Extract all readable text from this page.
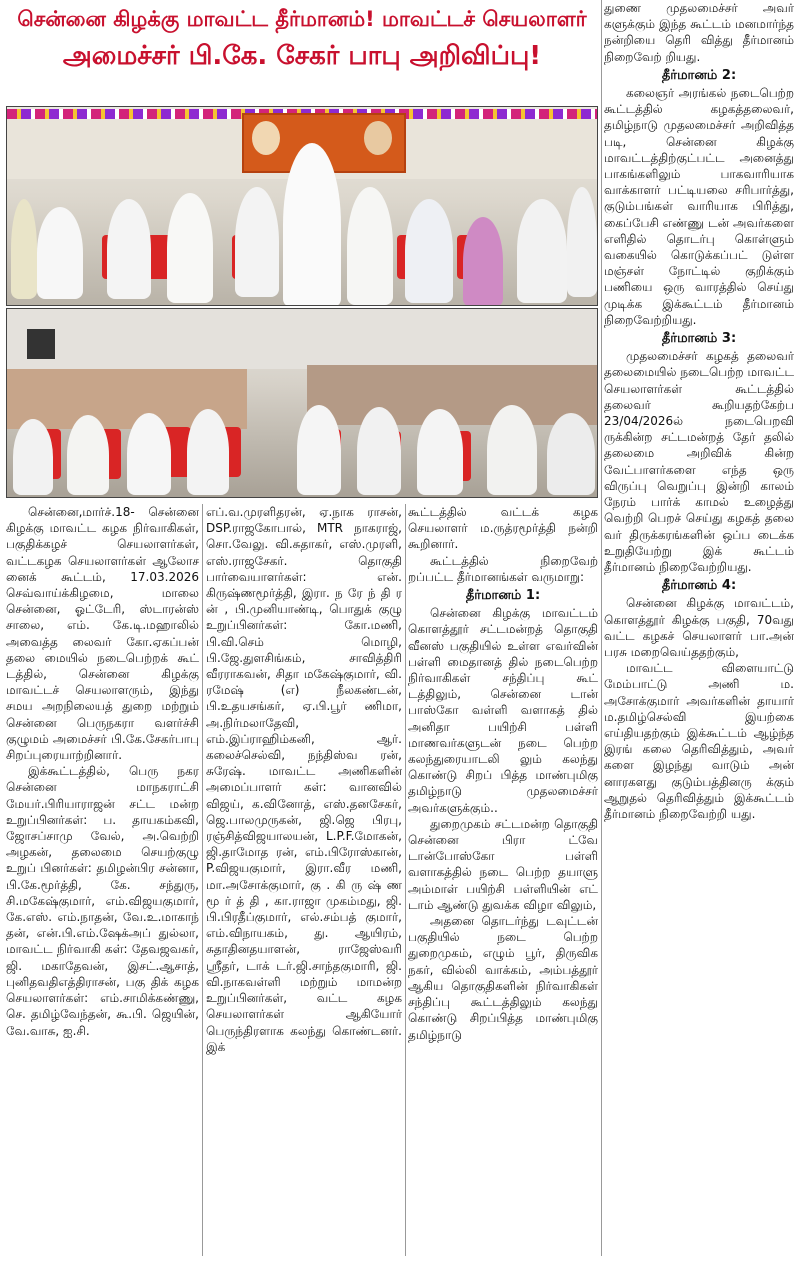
சென்னை கிழக்கு மாவட்ட தீர்மானம்! மாவட்டச் செயலாளர்
அமைச்சர் பி.கே. சேகர் பாபு அறிவிப்பு!

சென்னை,மார்ச்.18- சென்னை கிழக்கு மாவட்ட கழக நிர்வாகிகள், பகுதிக்கழச் செயலாளர்கள், வட்டகழக செயலாளர்கள் ஆலோச னைக் கூட்டம், 17.03.2026 செவ்வாய்க்கிழமை, மாலை சென்னை, ஓட்டேரி, ஸ்டாரன்ஸ் சாலை, எம். கே.டி.மஹாலில் அவைத்த லைவர் கோ.ஏகப்பன் தலை மையில் நடைபெற்றக் கூட் டத்தில், சென்னை கிழக்கு மாவட்டச் செயலாளரும், இந்து சமய அறநிலையத் துறை மற்றும் சென்னை பெருநகரா வளர்ச்சி குழுமம் அமைச்சர் பி.கே.சேகர்பாபு சிறப்புரையாற்றினார்.

இக்கூட்டத்தில், பெரு நகர சென்னை மாநகராட்சி மேயர்.பிரியாராஜன் சட்ட மன்ற உறுப்பினர்கள்: ப. தாயகம்கவி, ஜோசப்சாமு வேல், அ.வெற்றி அழகன், தலைமை செயற்குழு உறுப் பினர்கள்: தமிழன்பிர சன்னா, பி.கே.மூர்த்தி, கே. சந்துரு, சி.மகேஷ்குமார், எம்.விஜயகுமார், கே.எஸ். எம்.நாதன், வே.உ.மாகாந் தன், என்.பி.எம்.ஷேக்அப் துல்லா, மாவட்ட நிர்வாகி கள்: தேவஜவகர், ஜி. மகாதேவன், இசட்.ஆசாத், புனிதவதிஎத்திராசன், பகு திக் கழக செயலாளர்கள்: எம்.சாமிக்கண்ணு, செ. தமிழ்வேந்தன், கூ.பி. ஜெயின், வே.வாசு, ஐ.சி.

எப்.வ.முரளிதரன், ஏ.நாக ராசன், DSP.ராஜகோபால், MTR நாகராஜ், சொ.வேலு. வி.சுதாகர், எஸ்.முரளி, எஸ்.ராஜசேகர். தொகுதி பார்வையாளர்கள்: என். கிருஷ்ணமூர்த்தி, இரா. ந ரே ந் தி ர ன் , பி.முனியாண்டி, பொதுக் குழு உறுப்பினர்கள்: கோ.மணி, பி.வி.செம் மொழி, பி.ஜே.துளசிங்கம், சாவித்திரி வீரராகவன், சிதா மகேஷ்குமார், வி. ரமேஷ் (எ) நீலகண்டன், பி.உதயசங்கர், ஏ.பி.பூர் ணிமா, அ.நிர்மலாதேவி, எம்.இப்ராஹிம்கனி, ஆர். கலைச்செல்வி, நந்திஸ்வ ரன், சுரேஷ். மாவட்ட அணிகளின் அமைப்பாளர் கள்: வானவில் விஜய், க.வினோத், எஸ்.தனசேகர், ஜெ.பாலமுருகன், ஜி.ஜெ பிரபு, ரஞ்சித்விஜயாலயன், L.P.F.மோகன், ஜி.தாமோத ரன், எம்.பிரோஸ்கான், P.விஜயகுமார், இரா.வீர மணி, மா.அசோக்குமார், கு . கி ரு ஷ் ண மூ ர் த் தி , கா.ராஜா முகம்மது, ஜி. பி.பிரதீப்குமார், எல்.சம்பத் குமார், எம்.விநாயகம், து. ஆயிரம், சுதாதினதயாளன், ராஜேஸ்வரி ஸ்ரீதர், டாக் டர்.ஜி.சாந்தகுமாரி, ஜி. வி.நாகவள்ளி மற்றும் மாமன்ற உறுப்பினர்கள், வட்ட கழக செயலாளர்கள் ஆகியோர் பெருந்திரளாக கலந்து கொண்டனர். இக்

கூட்டத்தில் வட்டக் கழக செயலாளர் ம.ருத்ரமூர்த்தி நன்றி கூறினார்.

கூட்டத்தில் நிறைவேற் றப்பட்ட தீர்மானங்கள் வருமாறு:

தீர்மானம் 1:

சென்னை கிழக்கு மாவட்டம் கொளத்தூர் சட்டமன்றத் தொகுதி வீனஸ் பகுதியில் உள்ள எவர்வின் பள்ளி மைதானத் தில் நடைபெற்ற நிர்வாகிகள் சந்திப்பு கூட் டத்திலும், சென்னை டான் பாஸ்கோ வள்ளி வளாகத் தில் அனிதா பயிற்சி பள்ளி மாணவர்களுடன் நடை பெற்ற கலந்துரையாடலி லும் கலந்து கொண்டு சிறப் பித்த மாண்புமிகு தமிழ்நாடு முதலமைச்சர் அவர்களுக்கும்..

துறைமுகம் சட்டமன்ற தொகுதி சென்னை பிரா ட்வே டான்போஸ்கோ பள்ளி வளாகத்தில் நடை பெற்ற தயாளு அம்மாள் பயிற்சி பள்ளியின் எட் டாம் ஆண்டு துவக்க விழா விலும்,

அதனை தொடர்ந்து டவுட்டன் பகுதியில் நடை பெற்ற துறைமுகம், எழும் பூர், திருவிக நகர், வில்லி வாக்கம், அம்பத்தூர் ஆகிய தொகுதிகளின் நிர்வாகிகள் சந்திப்பு கூட்டத்திலும் கலந்து கொண்டு சிறப்பித்த மாண்புமிகு தமிழ்நாடு

துணை முதலமைச்சர் அவர் களுக்கும் இந்த கூட்டம் மனமார்ந்த நன்றியை தெரி வித்து தீர்மானம் நிறைவேற் றியது.

தீர்மானம் 2:

கலைஞர் அரங்கல் நடைபெற்ற கூட்டத்தில் கழகத்தலைவர், தமிழ்நாடு முதலமைச்சர் அறிவித்த படி, சென்னை கிழக்கு மாவட்டத்திற்குட்பட்ட அனைத்து பாகங்களிலும் பாகவாரியாக வாக்காளர் பட்டியலை சரிபார்த்து, குடும்பங்கள் வாரியாக பிரித்து, கைப்பேசி எண்ணு டன் அவர்களை எளிதில் தொடர்பு கொள்ளும் வகையில் கொடுக்கப்பட் டுள்ள மஞ்சள் நோட்டில் குறிக்கும் பணியை ஒரு வாரத்தில் செய்து முடிக்க இக்கூட்டம் தீர்மானம் நிறைவேற்றியது.

தீர்மானம் 3:

முதலமைச்சர் கழகத் தலைவர் தலைமையில் நடைபெற்ற மாவட்ட செயலாளர்கள் கூட்டத்தில் தலைவர் கூறியதற்கேற்ப 23/04/2026ல் நடைபெறவி ருக்கின்ற சட்டமன்றத் தேர் தலில் தலைமை அறிவிக் கின்ற வேட்பாளர்களை எந்த ஒரு விருப்பு வெறுப்பு இன்றி காலம் நேரம் பார்க் காமல் உழைத்து வெற்றி பெறச் செய்து கழகத் தலை வர் திருக்கரங்களின் ஒப்ப டைக்க உறுதியேற்று இக் கூட்டம் தீர்மானம் நிறைவேற்றியது.

தீர்மானம் 4:

சென்னை கிழக்கு மாவட்டம், கொளத்தூர் கிழக்கு பகுதி, 70வது வட்ட கழகச் செயலாளர் பா.அன் பரசு மறைவெய்ததற்கும்,

மாவட்ட விளையாட்டு மேம்பாட்டு அணி ம. அசோக்குமார் அவர்களின் தாயார் ம.தமிழ்செல்வி இயற்கை எய்தியதற்கும் இக்கூட்டம் ஆழ்ந்த இரங் கலை தெரிவித்தும், அவர் களை இழந்து வாடும் அன் னாரகளது குடும்பத்தினரு க்கும் ஆறுதல் தெரிவித்தும் இக்கூட்டம் தீர்மானம் நிறைவேற்றி யது.
